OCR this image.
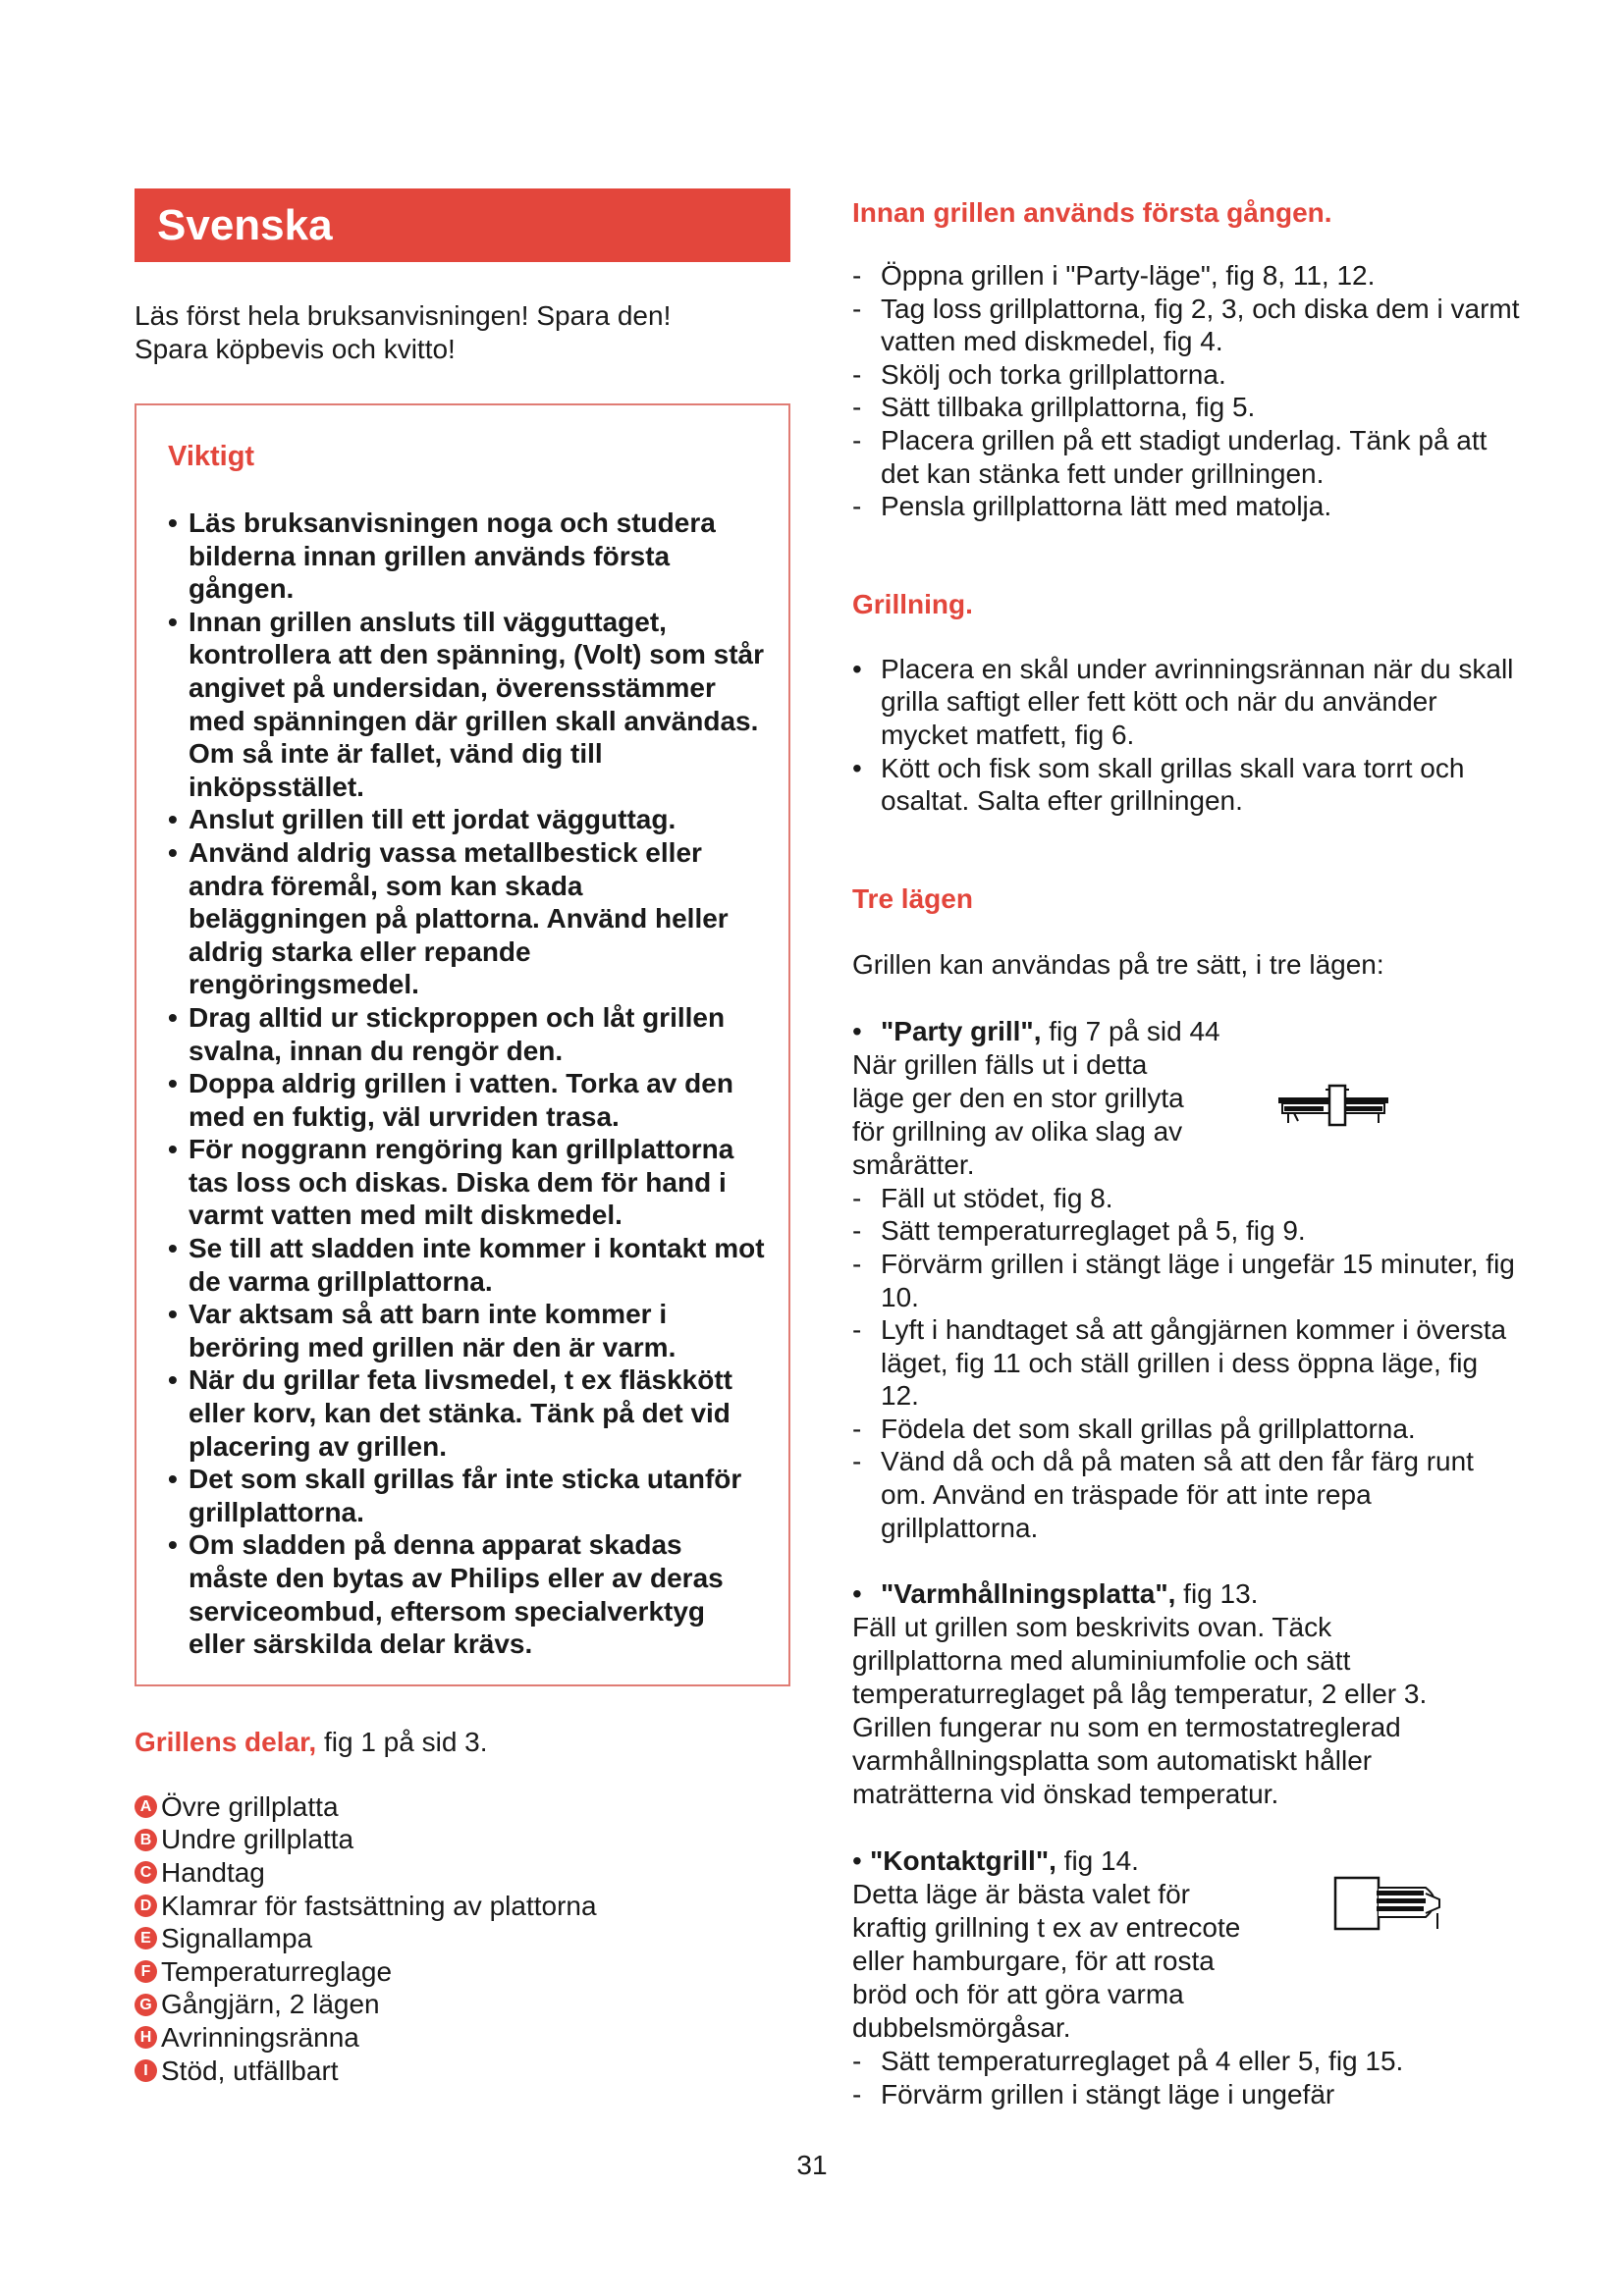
Svenska

Läs först hela bruksanvisningen! Spara den!
Spara köpbevis och kvitto!

Viktigt

• Läs bruksanvisningen noga och studera bilderna innan grillen används första gången.
• Innan grillen ansluts till vägguttaget, kontrollera att den spänning, (Volt) som står angivet på undersidan, överensstämmer med spänningen där grillen skall användas. Om så inte är fallet, vänd dig till inköpsstället.
• Anslut grillen till ett jordat vägguttag.
• Använd aldrig vassa metallbestick eller andra föremål, som kan skada beläggningen på plattorna. Använd heller aldrig starka eller repande rengöringsmedel.
• Drag alltid ur stickproppen och låt grillen svalna, innan du rengör den.
• Doppa aldrig grillen i vatten. Torka av den med en fuktig, väl urvriden trasa.
• För noggrann rengöring kan grillplattorna tas loss och diskas. Diska dem för hand i varmt vatten med milt diskmedel.
• Se till att sladden inte kommer i kontakt mot de varma grillplattorna.
• Var aktsam så att barn inte kommer i beröring med grillen när den är varm.
• När du grillar feta livsmedel, t ex fläskkött eller korv, kan det stänka. Tänk på det vid placering av grillen.
• Det som skall grillas får inte sticka utanför grillplattorna.
• Om sladden på denna apparat skadas måste den bytas av Philips eller av deras serviceombud, eftersom specialverktyg eller särskilda delar krävs.

Grillens delar, fig 1 på sid 3.

A Övre grillplatta
B Undre grillplatta
C Handtag
D Klamrar för fastsättning av plattorna
E Signallampa
F Temperaturreglage
G Gångjärn, 2 lägen
H Avrinningsränna
I Stöd, utfällbart

Innan grillen används första gången.

- Öppna grillen i "Party-läge", fig 8, 11, 12.
- Tag loss grillplattorna, fig 2, 3, och diska dem i varmt vatten med diskmedel, fig 4.
- Skölj och torka grillplattorna.
- Sätt tillbaka grillplattorna, fig 5.
- Placera grillen på ett stadigt underlag. Tänk på att det kan stänka fett under grillningen.
- Pensla grillplattorna lätt med matolja.

Grillning.

• Placera en skål under avrinningsrännan när du skall grilla saftigt eller fett kött och när du använder mycket matfett, fig 6.
• Kött och fisk som skall grillas skall vara torrt och osaltat. Salta efter grillningen.

Tre lägen

Grillen kan användas på tre sätt, i tre lägen:

• "Party grill", fig 7 på sid 44

När grillen fälls ut i detta
läge ger den en stor grillyta
för grillning av olika slag av
smårätter.

- Fäll ut stödet, fig 8.
- Sätt temperaturreglaget på 5, fig 9.
- Förvärm grillen i stängt läge i ungefär 15 minuter, fig 10.
- Lyft i handtaget så att gångjärnen kommer i översta läget, fig 11 och ställ grillen i dess öppna läge, fig 12.
- Födela det som skall grillas på grillplattorna.
- Vänd då och då på maten så att den får färg runt om. Använd en träspade för att inte repa grillplattorna.

• "Varmhållningsplatta", fig 13.

Fäll ut grillen som beskrivits ovan. Täck
grillplattorna med aluminiumfolie och sätt
temperaturreglaget på låg temperatur, 2 eller 3.
Grillen fungerar nu som en termostatreglerad
varmhållningsplatta som automatiskt håller
maträtterna vid önskad temperatur.

• "Kontaktgrill", fig 14.

Detta läge är bästa valet för
kraftig grillning t ex av entrecote
eller hamburgare, för att rosta
bröd och för att göra varma
dubbelsmörgåsar.

- Sätt temperaturreglaget på 4 eller 5, fig 15.
- Förvärm grillen i stängt läge i ungefär
31
